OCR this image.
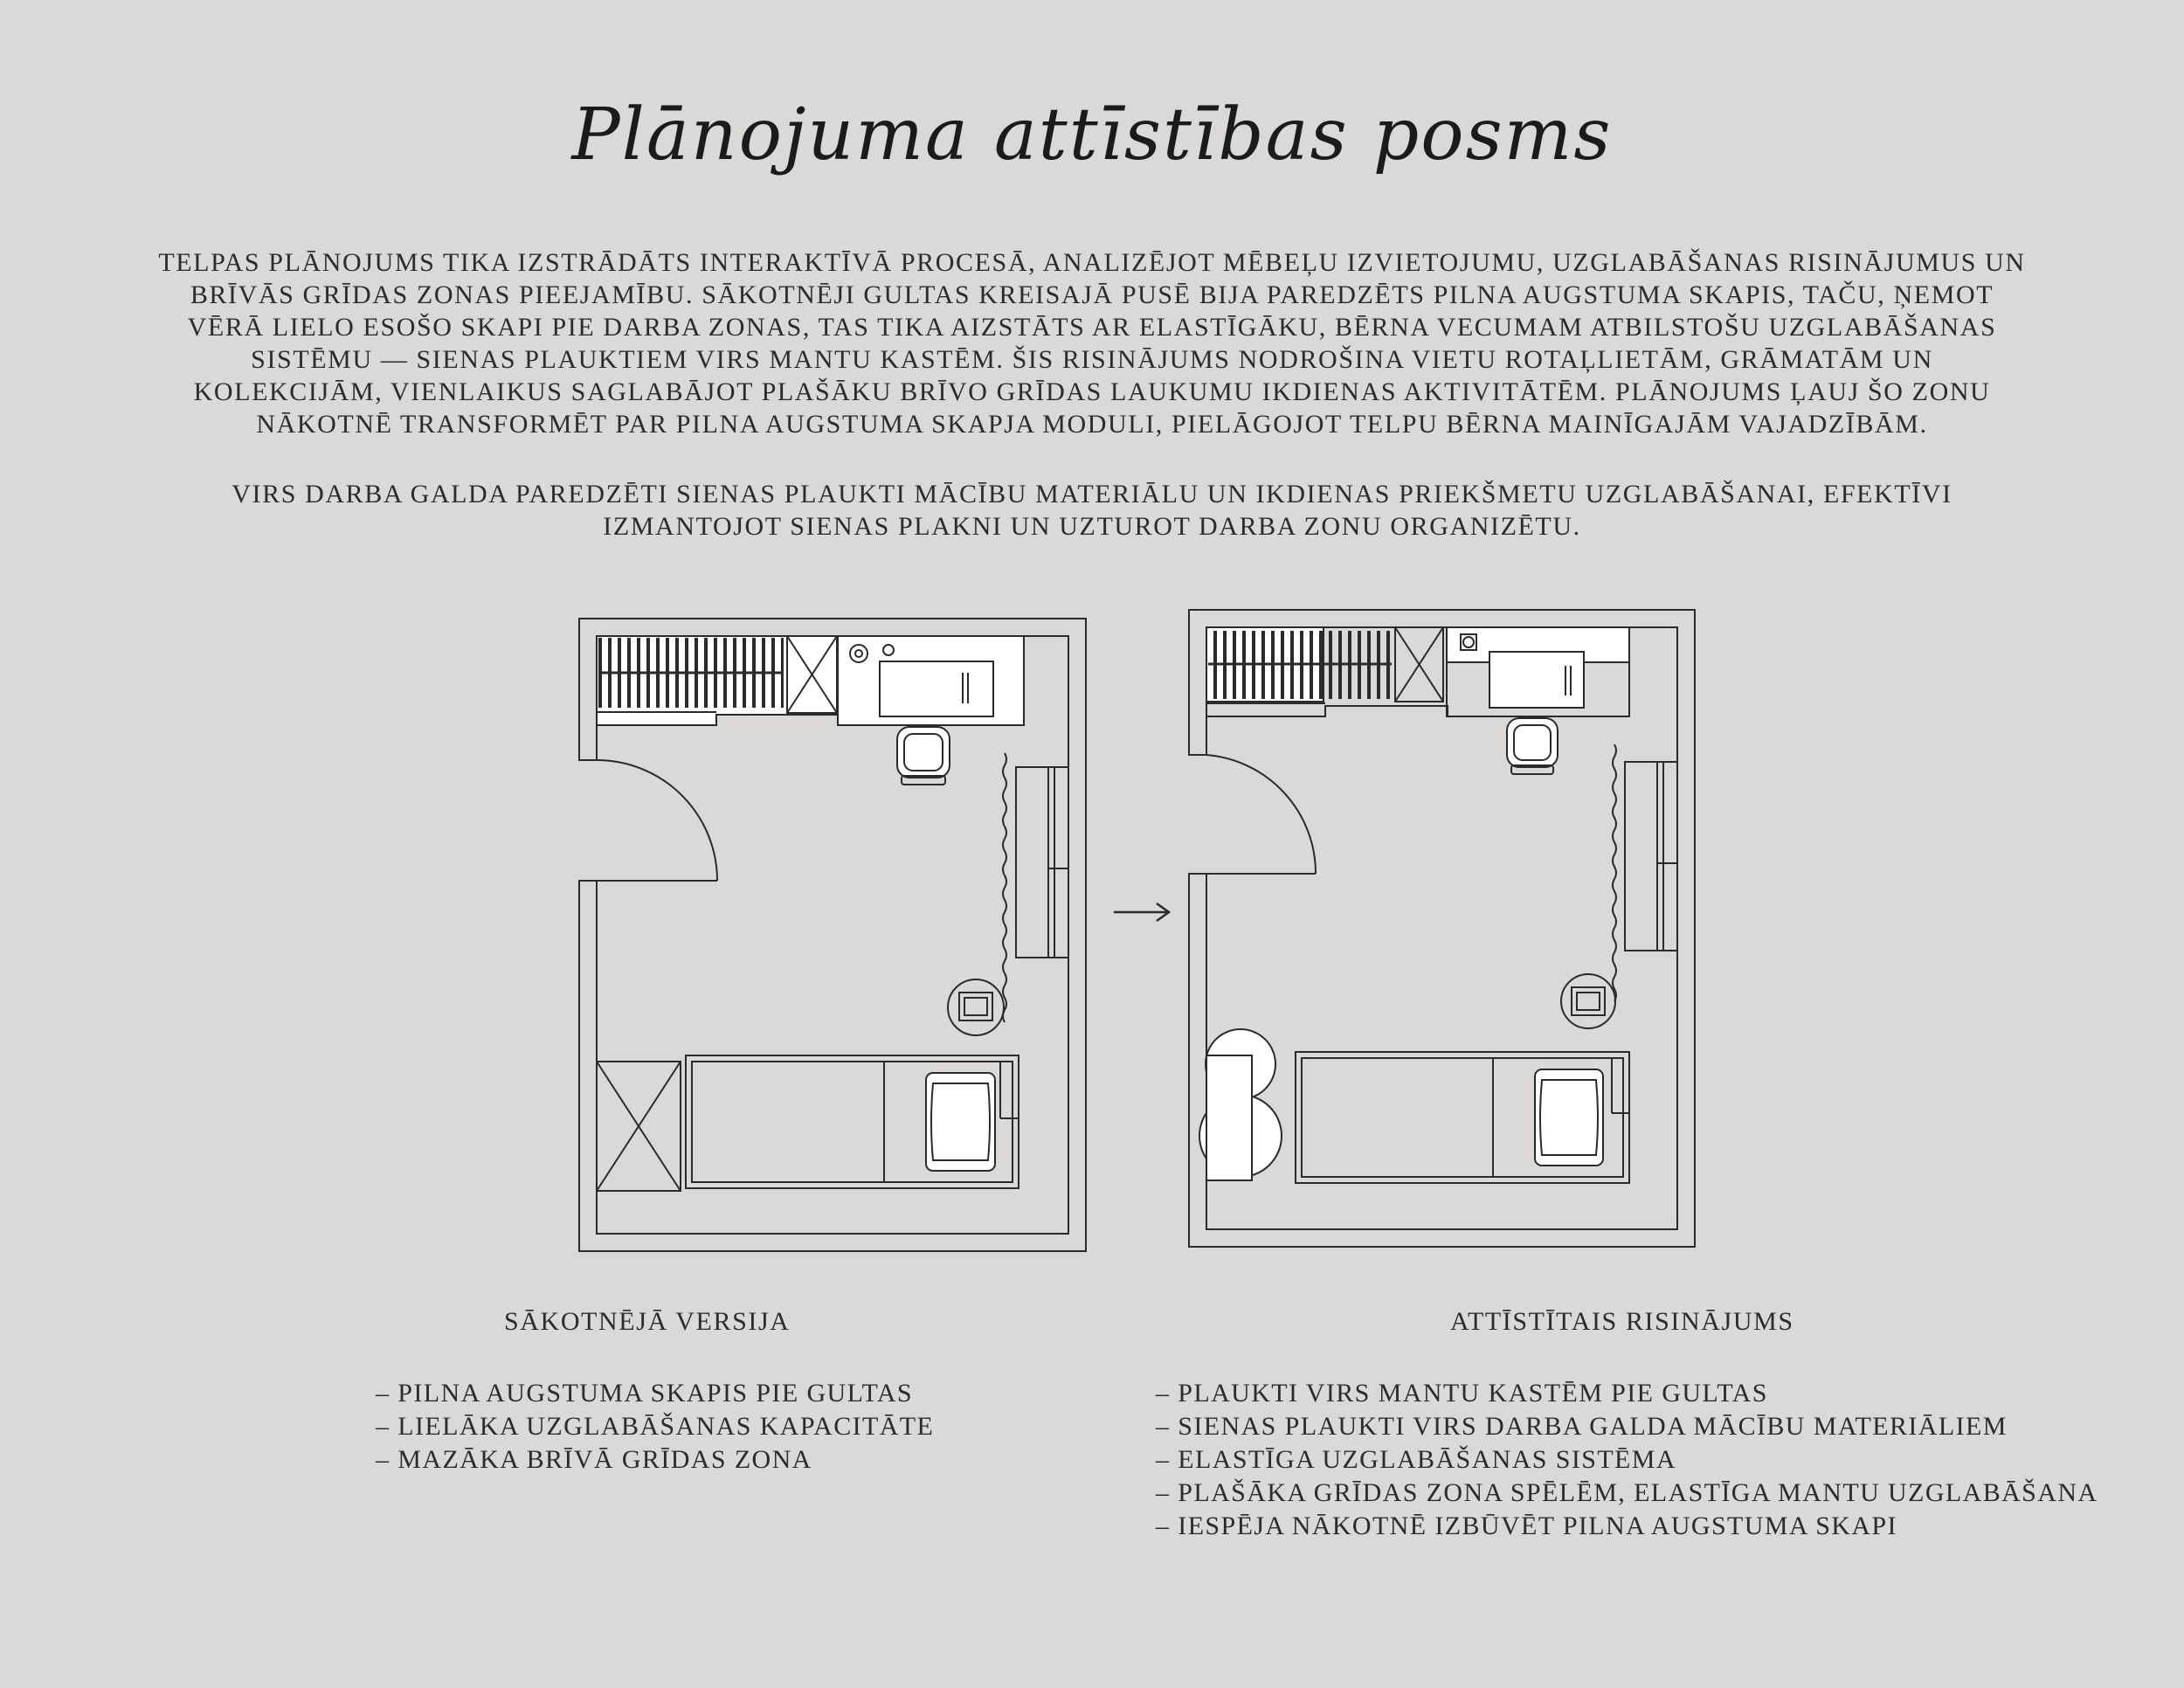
Plānojuma attīstības posms

TELPAS PLĀNOJUMS TIKA IZSTRĀDĀTS INTERAKTĪVĀ PROCESĀ, ANALIZĒJOT MĒBEĻU IZVIETOJUMU, UZGLABĀŠANAS RISINĀJUMUS UN BRĪVĀS GRĪDAS ZONAS PIEEJAMĪBU. SĀKOTNĒJI GULTAS KREISAJĀ PUSĒ BIJA PAREDZĒTS PILNA AUGSTUMA SKAPIS, TAČU, ŅEMOT VĒRĀ LIELO ESOŠO SKAPI PIE DARBA ZONAS, TAS TIKA AIZSTĀTS AR ELASTĪGĀKU, BĒRNA VECUMAM ATBILSTOŠU UZGLABĀŠANAS SISTĒMU — SIENAS PLAUKTIEM VIRS MANTU KASTĒM. ŠIS RISINĀJUMS NODROŠINA VIETU ROTAĻLIETĀM, GRĀMATĀM UN KOLEKCIJĀM, VIENLAIKUS SAGLABĀJOT PLAŠĀKU BRĪVO GRĪDAS LAUKUMU IKDIENAS AKTIVITĀTĒM. PLĀNOJUMS ĻAUJ ŠO ZONU NĀKOTNĒ TRANSFORMĒT PAR PILNA AUGSTUMA SKAPJA MODULI, PIELĀGOJOT TELPU BĒRNA MAINĪGAJĀM VAJADZĪBĀM.

VIRS DARBA GALDA PAREDZĒTI SIENAS PLAUKTI MĀCĪBU MATERIĀLU UN IKDIENAS PRIEKŠMETU UZGLABĀŠANAI, EFEKTĪVI IZMANTOJOT SIENAS PLAKNI UN UZTUROT DARBA ZONU ORGANIZĒTU.

SĀKOTNĒJĀ VERSIJA	ATTĪSTĪTAIS RISINĀJUMS

– PILNA AUGSTUMA SKAPIS PIE GULTAS
– LIELĀKA UZGLABĀŠANAS KAPACITĀTE
– MAZĀKA BRĪVĀ GRĪDAS ZONA
– PLAUKTI VIRS MANTU KASTĒM PIE GULTAS
– SIENAS PLAUKTI VIRS DARBA GALDA MĀCĪBU MATERIĀLIEM
– ELASTĪGA UZGLABĀŠANAS SISTĒMA
– PLAŠĀKA GRĪDAS ZONA SPĒLĒM, ELASTĪGA MANTU UZGLABĀŠANA
– IESPĒJA NĀKOTNĒ IZBŪVĒT PILNA AUGSTUMA SKAPI
